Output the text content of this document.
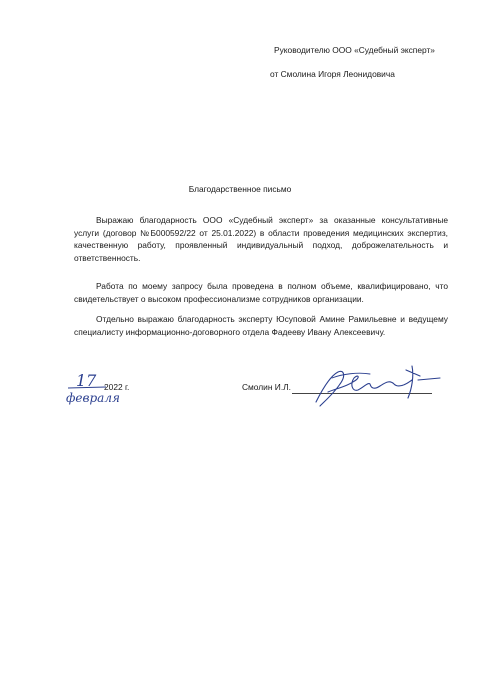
Руководителю ООО «Судебный эксперт»
от Смолина Игоря Леонидовича
Благодарственное письмо

Выражаю благодарность ООО «Судебный эксперт» за оказанные консультативные услуги (договор №Б000592/22 от 25.01.2022) в области проведения медицинских экспертиз, качественную работу, проявленный индивидуальный подход, доброжелательность и ответственность.

Работа по моему запросу была проведена в полном объеме, квалифицировано, что свидетельствует о высоком профессионализме сотрудников организации.

Отдельно выражаю благодарность эксперту Юсуповой Амине Рамильевне и ведущему специалисту информационно-договорного отдела Фадееву Ивану Алексеевичу.

17
февраля
2022 г.	Смолин И.Л.
